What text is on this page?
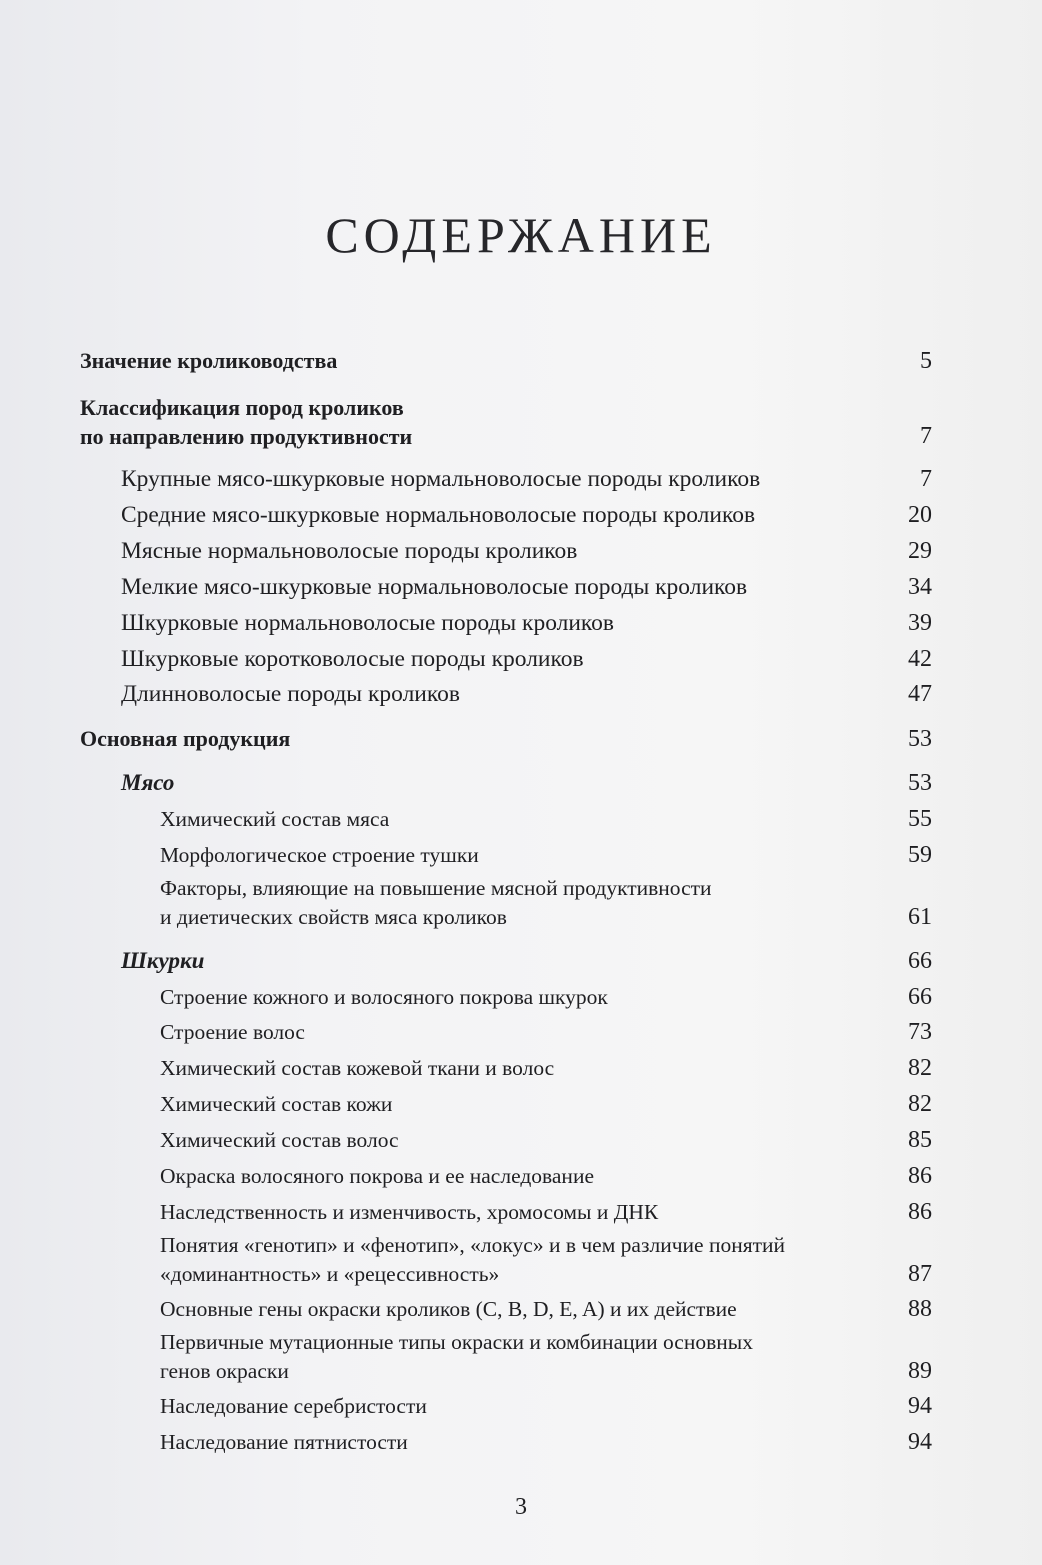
СОДЕРЖАНИЕ
Значение кролиководства	5
Классификация пород кроликов
по направлению продуктивности	7
Крупные мясо-шкурковые нормальноволосые породы кроликов	7
Средние мясо-шкурковые нормальноволосые породы кроликов	20
Мясные нормальноволосые породы кроликов	29
Мелкие мясо-шкурковые нормальноволосые породы кроликов	34
Шкурковые нормальноволосые породы кроликов	39
Шкурковые коротковолосые породы кроликов	42
Длинноволосые породы кроликов	47
Основная продукция	53
Мясо	53
Химический состав мяса	55
Морфологическое строение тушки	59
Факторы, влияющие на повышение мясной продуктивности
и диетических свойств мяса кроликов	61
Шкурки	66
Строение кожного и волосяного покрова шкурок	66
Строение волос	73
Химический состав кожевой ткани и волос	82
Химический состав кожи	82
Химический состав волос	85
Окраска волосяного покрова и ее наследование	86
Наследственность и изменчивость, хромосомы и ДНК	86
Понятия «генотип» и «фенотип», «локус» и в чем различие понятий
«доминантность» и «рецессивность»	87
Основные гены окраски кроликов (C, B, D, E, A) и их действие	88
Первичные мутационные типы окраски и комбинации основных
генов окраски	89
Наследование серебристости	94
Наследование пятнистости	94
3
